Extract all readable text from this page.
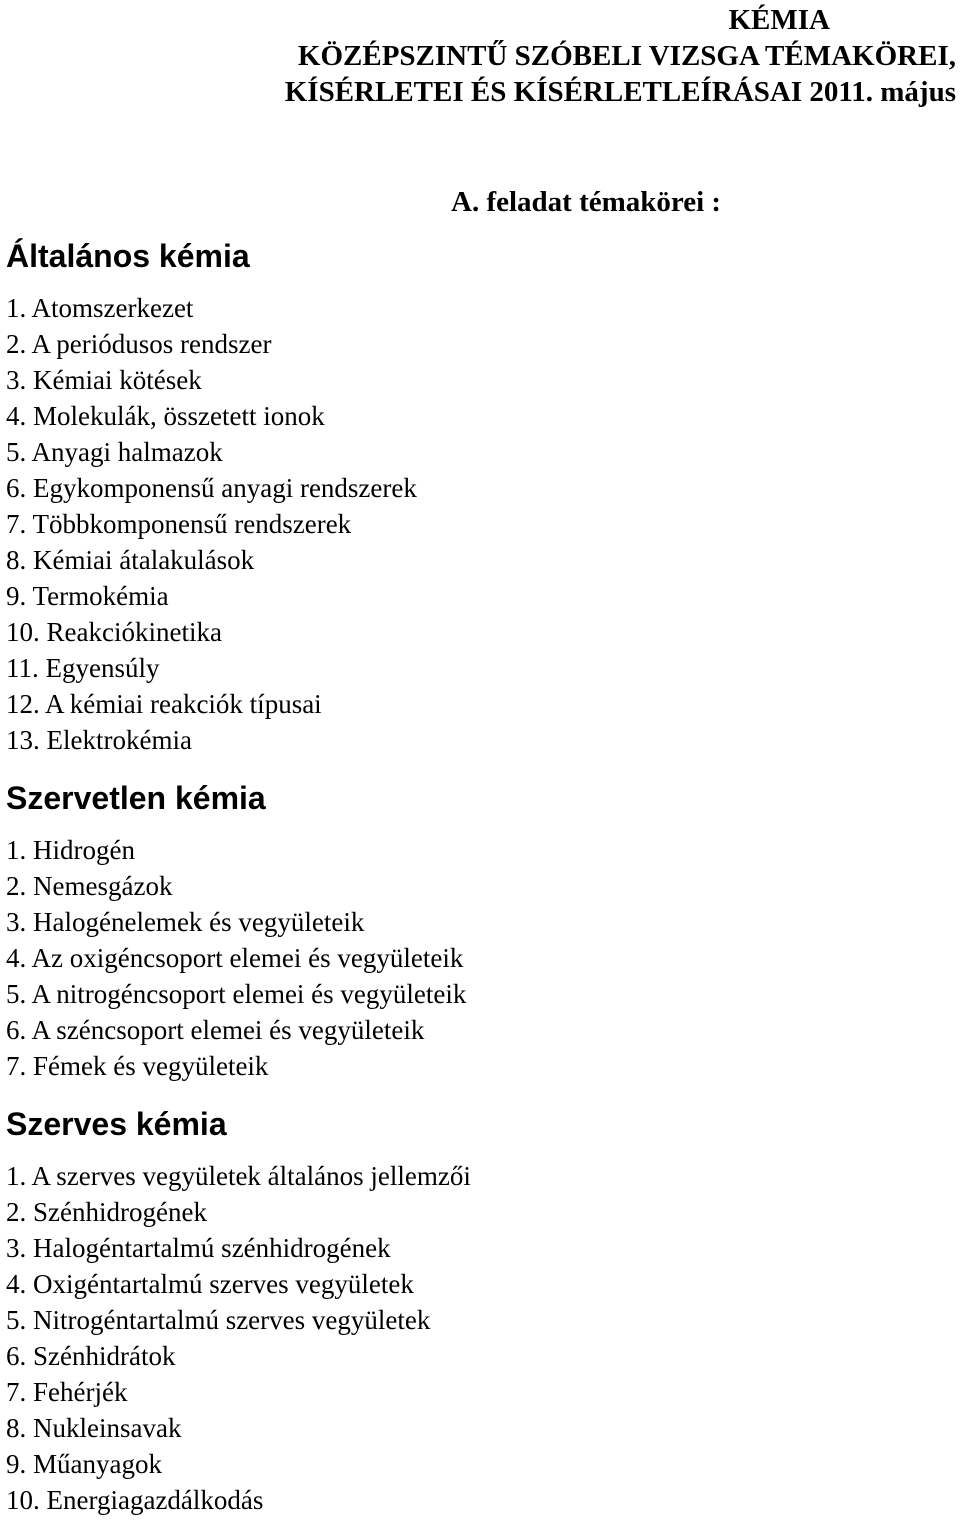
KÉMIA
KÖZÉPSZINTŰ SZÓBELI VIZSGA TÉMAKÖREI,
KÍSÉRLETEI ÉS KÍSÉRLETLEÍRÁSAI 2011. május
A. feladat témakörei :
Általános kémia
1. Atomszerkezet
2. A periódusos rendszer
3. Kémiai kötések
4. Molekulák, összetett ionok
5. Anyagi halmazok
6. Egykomponensű anyagi rendszerek
7. Többkomponensű rendszerek
8. Kémiai átalakulások
9. Termokémia
10. Reakciókinetika
11. Egyensúly
12. A kémiai reakciók típusai
13. Elektrokémia
Szervetlen kémia
1. Hidrogén
2. Nemesgázok
3. Halogénelemek és vegyületeik
4. Az oxigéncsoport elemei és vegyületeik
5. A nitrogéncsoport elemei és vegyületeik
6. A széncsoport elemei és vegyületeik
7. Fémek és vegyületeik
Szerves kémia
1. A szerves vegyületek általános jellemzői
2. Szénhidrogének
3. Halogéntartalmú szénhidrogének
4. Oxigéntartalmú szerves vegyületek
5. Nitrogéntartalmú szerves vegyületek
6. Szénhidrátok
7. Fehérjék
8. Nukleinsavak
9. Műanyagok
10. Energiagazdálkodás
